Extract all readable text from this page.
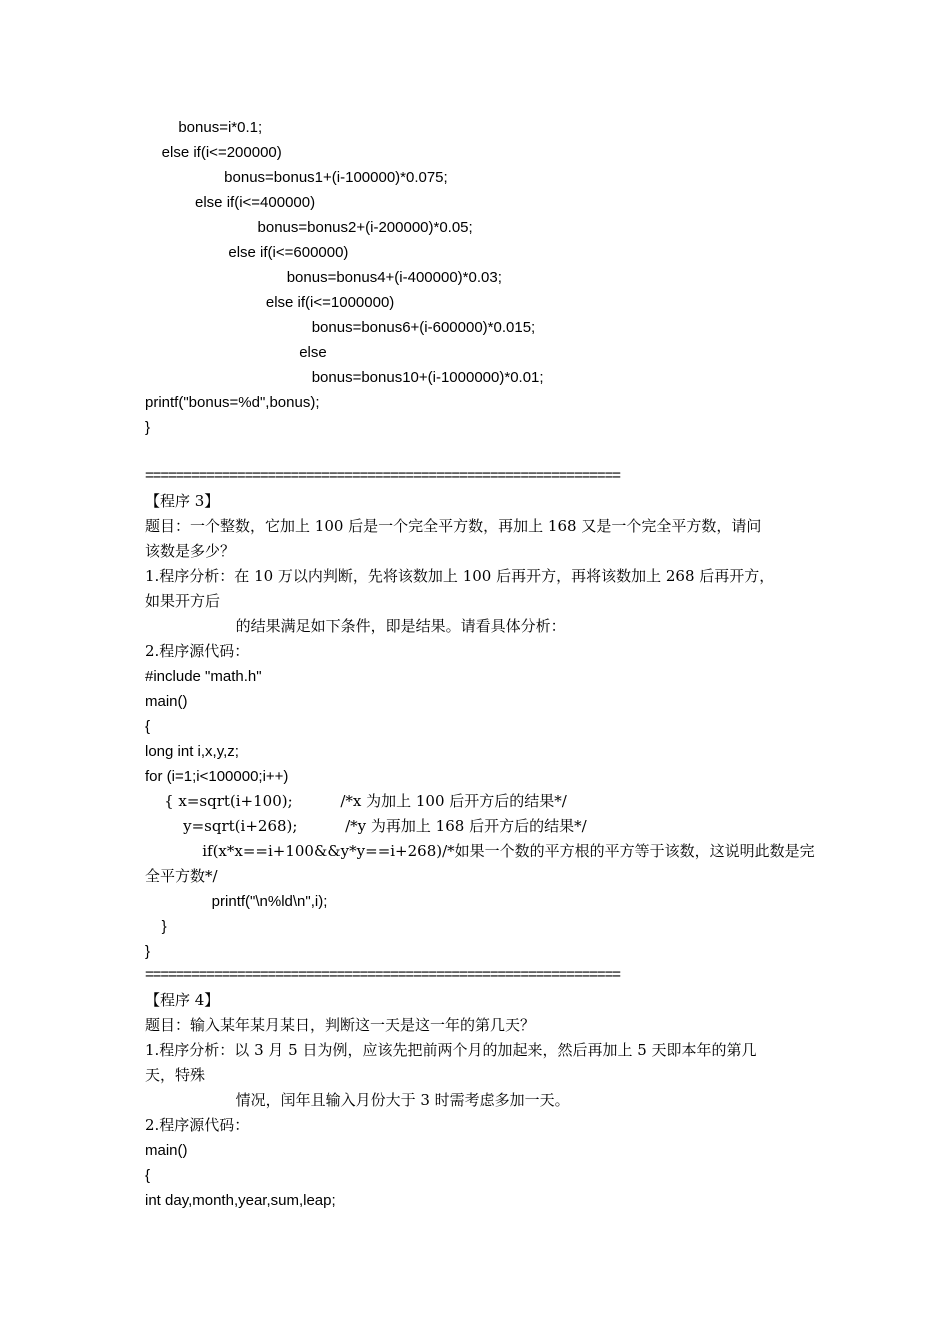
bonus=i*0.1;
else if(i<=200000)
bonus=bonus1+(i-100000)*0.075;
else if(i<=400000)
bonus=bonus2+(i-200000)*0.05;
else if(i<=600000)
bonus=bonus4+(i-400000)*0.03;
else if(i<=1000000)
bonus=bonus6+(i-600000)*0.015;
else
bonus=bonus10+(i-1000000)*0.01;
printf("bonus=%d",bonus);
}
==============================================================
【程序 3】
题目：一个整数，它加上 100 后是一个完全平方数，再加上 168 又是一个完全平方数，请问
该数是多少？
1.程序分析：在 10 万以内判断，先将该数加上 100 后再开方，再将该数加上 268 后再开方，
如果开方后
的结果满足如下条件，即是结果。请看具体分析：
2.程序源代码：
#include "math.h"
main()
{
long int i,x,y,z;
for (i=1;i<100000;i++)
{ x=sqrt(i+100);          /*x 为加上 100 后开方后的结果*/
y=sqrt(i+268);          /*y 为再加上 168 后开方后的结果*/
if(x*x==i+100&&y*y==i+268)/*如果一个数的平方根的平方等于该数，这说明此数是完
全平方数*/
printf("\n%ld\n",i);
}
}
==============================================================
【程序 4】
题目：输入某年某月某日，判断这一天是这一年的第几天？
1.程序分析：以 3 月 5 日为例，应该先把前两个月的加起来，然后再加上 5 天即本年的第几
天，特殊
情况，闰年且输入月份大于 3 时需考虑多加一天。
2.程序源代码：
main()
{
int day,month,year,sum,leap;
